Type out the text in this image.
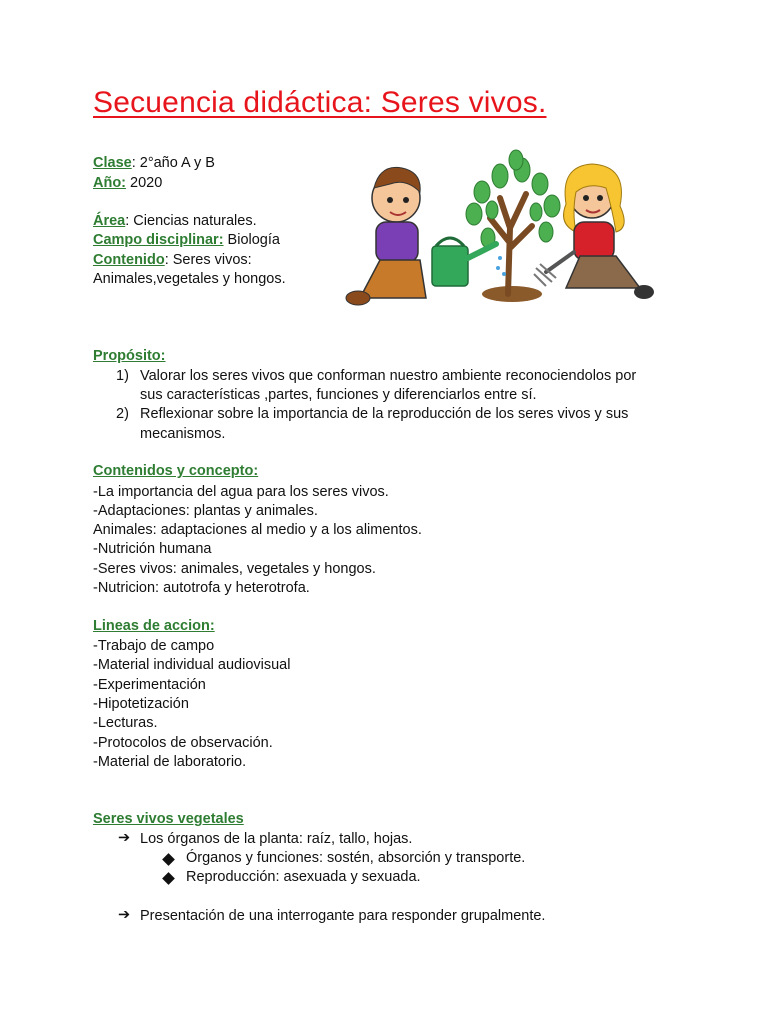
Secuencia didáctica: Seres vivos.
Clase: 2°año A y B
Año: 2020
Área: Ciencias naturales.
Campo disciplinar: Biología
Contenido: Seres vivos:
Animales,vegetales y hongos.
Propósito:
1) Valorar los seres vivos que conforman nuestro ambiente reconociendolos por
sus características ,partes, funciones y diferenciarlos entre sí.
2) Reflexionar sobre la importancia de la reproducción de los seres vivos y sus
mecanismos.
Contenidos y concepto:
-La importancia del agua para los seres vivos.
-Adaptaciones: plantas y animales.
Animales: adaptaciones al medio y a los alimentos.
-Nutrición humana
-Seres vivos: animales, vegetales y hongos.
-Nutricion: autotrofa y heterotrofa.
Lineas de accion:
-Trabajo de campo
-Material individual audiovisual
-Experimentación
-Hipotetización
-Lecturas.
-Protocolos de observación.
-Material de laboratorio.
Seres vivos vegetales
➔ Los órganos de la planta: raíz, tallo, hojas.
Órganos y funciones: sostén, absorción y transporte.
Reproducción: asexuada y sexuada.
➔ Presentación de una interrogante para responder grupalmente.
